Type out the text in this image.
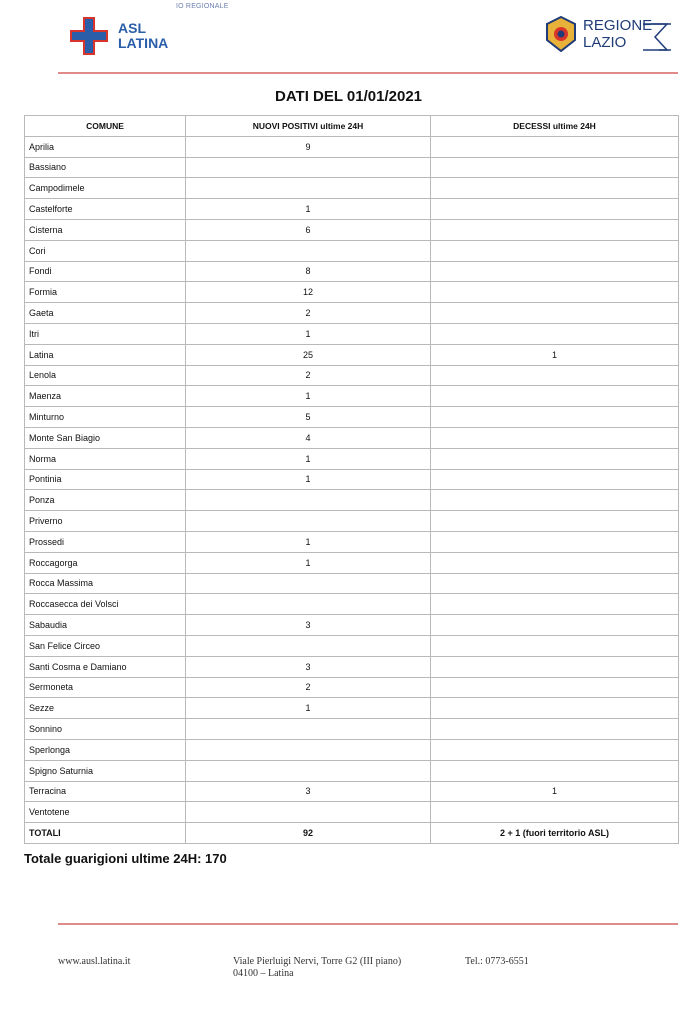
IO REGIONALE
ASL
LATINA
REGIONE
LAZIO
DATI DEL 01/01/2021
COMUNE	NUOVI POSITIVI ultime 24H	DECESSI ultime 24H
Aprilia	9	
Bassiano		
Campodimele		
Castelforte	1	
Cisterna	6	
Cori		
Fondi	8	
Formia	12	
Gaeta	2	
Itri	1	
Latina	25	1
Lenola	2	
Maenza	1	
Minturno	5	
Monte San Biagio	4	
Norma	1	
Pontinia	1	
Ponza		
Priverno		
Prossedi	1	
Roccagorga	1	
Rocca Massima		
Roccasecca dei Volsci		
Sabaudia	3	
San Felice Circeo		
Santi Cosma e Damiano	3	
Sermoneta	2	
Sezze	1	
Sonnino		
Sperlonga		
Spigno Saturnia		
Terracina	3	1
Ventotene		
TOTALI	92	2 + 1 (fuori territorio ASL)
Totale guarigioni ultime 24H: 170
www.ausl.latina.it	Viale Pierluigi Nervi, Torre G2 (III piano)
04100 – Latina
Tel.: 0773-6551
